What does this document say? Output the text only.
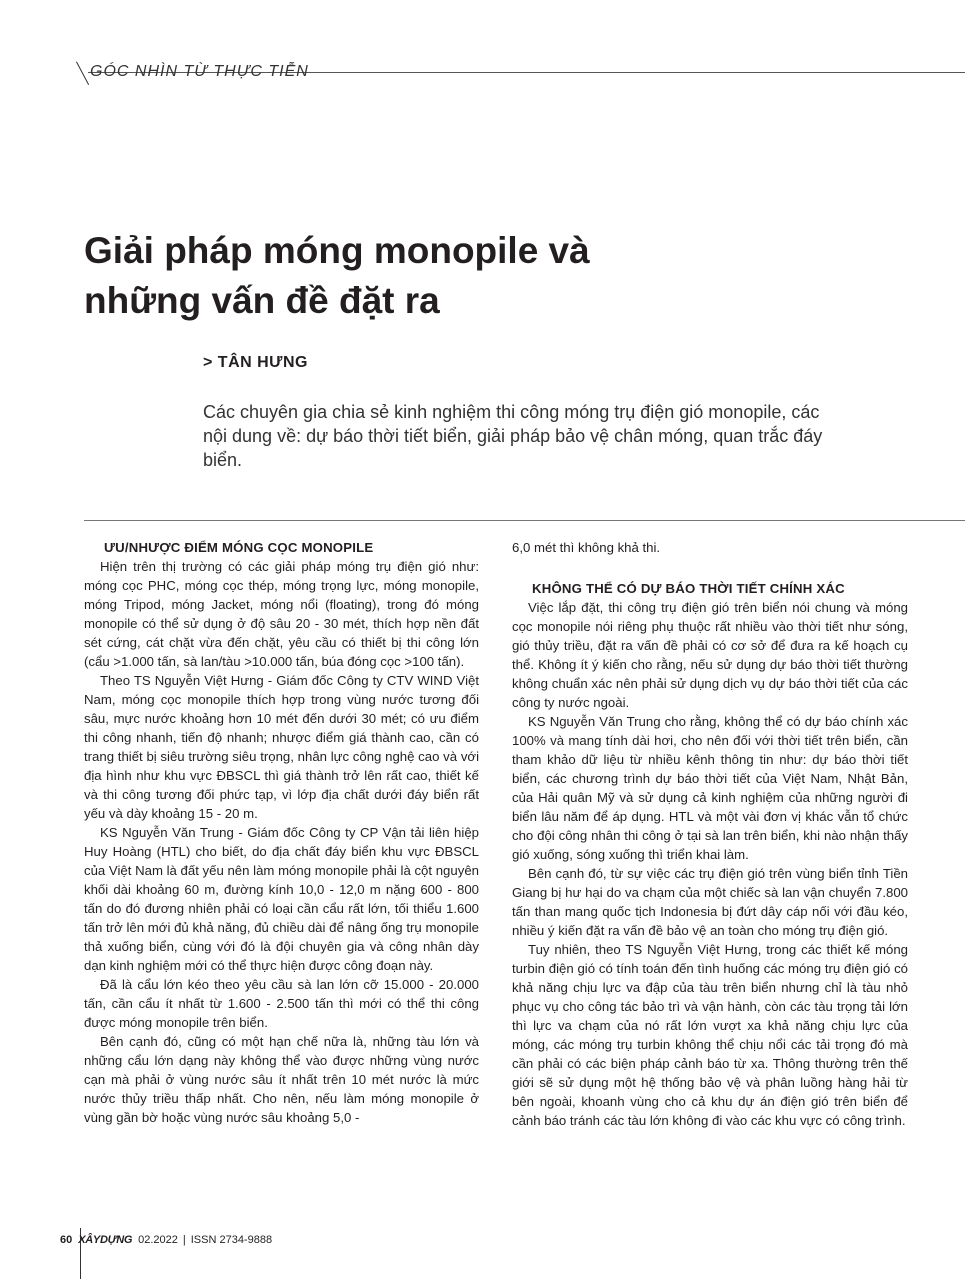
GÓC NHÌN TỪ THỰC TIỄN
Giải pháp móng monopile và
những vấn đề đặt ra
> TÂN HƯNG
Các chuyên gia chia sẻ kinh nghiệm thi công móng trụ điện gió monopile, các nội dung về: dự báo thời tiết biển, giải pháp bảo vệ chân móng, quan trắc đáy biển.
ƯU/NHƯỢC ĐIỂM MÓNG CỌC MONOPILE

Hiện trên thị trường có các giải pháp móng trụ điện gió như: móng cọc PHC, móng cọc thép, móng trọng lực, móng monopile, móng Tripod, móng Jacket, móng nổi (floating), trong đó móng monopile có thể sử dụng ở độ sâu 20 - 30 mét, thích hợp nền đất sét cứng, cát chặt vừa đến chặt, yêu cầu có thiết bị thi công lớn (cẩu >1.000 tấn, sà lan/tàu >10.000 tấn, búa đóng cọc >100 tấn).

Theo TS Nguyễn Việt Hưng - Giám đốc Công ty CTV WIND Việt Nam, móng cọc monopile thích hợp trong vùng nước tương đối sâu, mực nước khoảng hơn 10 mét đến dưới 30 mét; có ưu điểm thi công nhanh, tiến độ nhanh; nhược điểm giá thành cao, cần có trang thiết bị siêu trường siêu trọng, nhân lực công nghệ cao và với địa hình như khu vực ĐBSCL thì giá thành trở lên rất cao, thiết kế và thi công tương đối phức tạp, vì lớp địa chất dưới đáy biển rất yếu và dày khoảng 15 - 20 m.

KS Nguyễn Văn Trung - Giám đốc Công ty CP Vận tải liên hiệp Huy Hoàng (HTL) cho biết, do địa chất đáy biển khu vực ĐBSCL của Việt Nam là đất yếu nên làm móng monopile phải là cột nguyên khối dài khoảng 60 m, đường kính 10,0 - 12,0 m nặng 600 - 800 tấn do đó đương nhiên phải có loại cần cẩu rất lớn, tối thiểu 1.600 tấn trở lên mới đủ khả năng, đủ chiều dài để nâng ống trụ monopile thả xuống biển, cùng với đó là đội chuyên gia và công nhân dày dạn kinh nghiệm mới có thể thực hiện được công đoạn này.

Đã là cẩu lớn kéo theo yêu cầu sà lan lớn cỡ 15.000 - 20.000 tấn, cần cẩu ít nhất từ 1.600 - 2.500 tấn thì mới có thể thi công được móng monopile trên biển.

Bên cạnh đó, cũng có một hạn chế nữa là, những tàu lớn và những cẩu lớn dạng này không thể vào được những vùng nước cạn mà phải ở vùng nước sâu ít nhất trên 10 mét nước là mức nước thủy triều thấp nhất. Cho nên, nếu làm móng monopile ở vùng gần bờ hoặc vùng nước sâu khoảng 5,0 -

6,0 mét thì không khả thi.

KHÔNG THỂ CÓ DỰ BÁO THỜI TIẾT CHÍNH XÁC

Việc lắp đặt, thi công trụ điện gió trên biển nói chung và móng cọc monopile nói riêng phụ thuộc rất nhiều vào thời tiết như sóng, gió thủy triều, đặt ra vấn đề phải có cơ sở để đưa ra kế hoạch cụ thể. Không ít ý kiến cho rằng, nếu sử dụng dự báo thời tiết thường không chuẩn xác nên phải sử dụng dịch vụ dự báo thời tiết của các công ty nước ngoài.

KS Nguyễn Văn Trung cho rằng, không thể có dự báo chính xác 100% và mang tính dài hơi, cho nên đối với thời tiết trên biển, cần tham khảo dữ liệu từ nhiều kênh thông tin như: dự báo thời tiết biển, các chương trình dự báo thời tiết của Việt Nam, Nhật Bản, của Hải quân Mỹ và sử dụng cả kinh nghiệm của những người đi biển lâu năm để áp dụng. HTL và một vài đơn vị khác vẫn tổ chức cho đội công nhân thi công ở tại sà lan trên biển, khi nào nhận thấy gió xuống, sóng xuống thì triển khai làm.

Bên cạnh đó, từ sự việc các trụ điện gió trên vùng biển tỉnh Tiền Giang bị hư hại do va chạm của một chiếc sà lan vận chuyển 7.800 tấn than mang quốc tịch Indonesia bị đứt dây cáp nối với đầu kéo, nhiều ý kiến đặt ra vấn đề bảo vệ an toàn cho móng trụ điện gió.

Tuy nhiên, theo TS Nguyễn Việt Hưng, trong các thiết kế móng turbin điện gió có tính toán đến tình huống các móng trụ điện gió có khả năng chịu lực va đập của tàu trên biển nhưng chỉ là tàu nhỏ phục vụ cho công tác bảo trì và vận hành, còn các tàu trọng tải lớn thì lực va chạm của nó rất lớn vượt xa khả năng chịu lực của móng, các móng trụ turbin không thể chịu nổi các tải trọng đó mà cần phải có các biện pháp cảnh báo từ xa. Thông thường trên thế giới sẽ sử dụng một hệ thống bảo vệ và phân luồng hàng hải từ bên ngoài, khoanh vùng cho cả khu dự án điện gió trên biển để cảnh báo tránh các tàu lớn không đi vào các khu vực có công trình.

60 XÂYDỰNG 02.2022 | ISSN 2734-9888
